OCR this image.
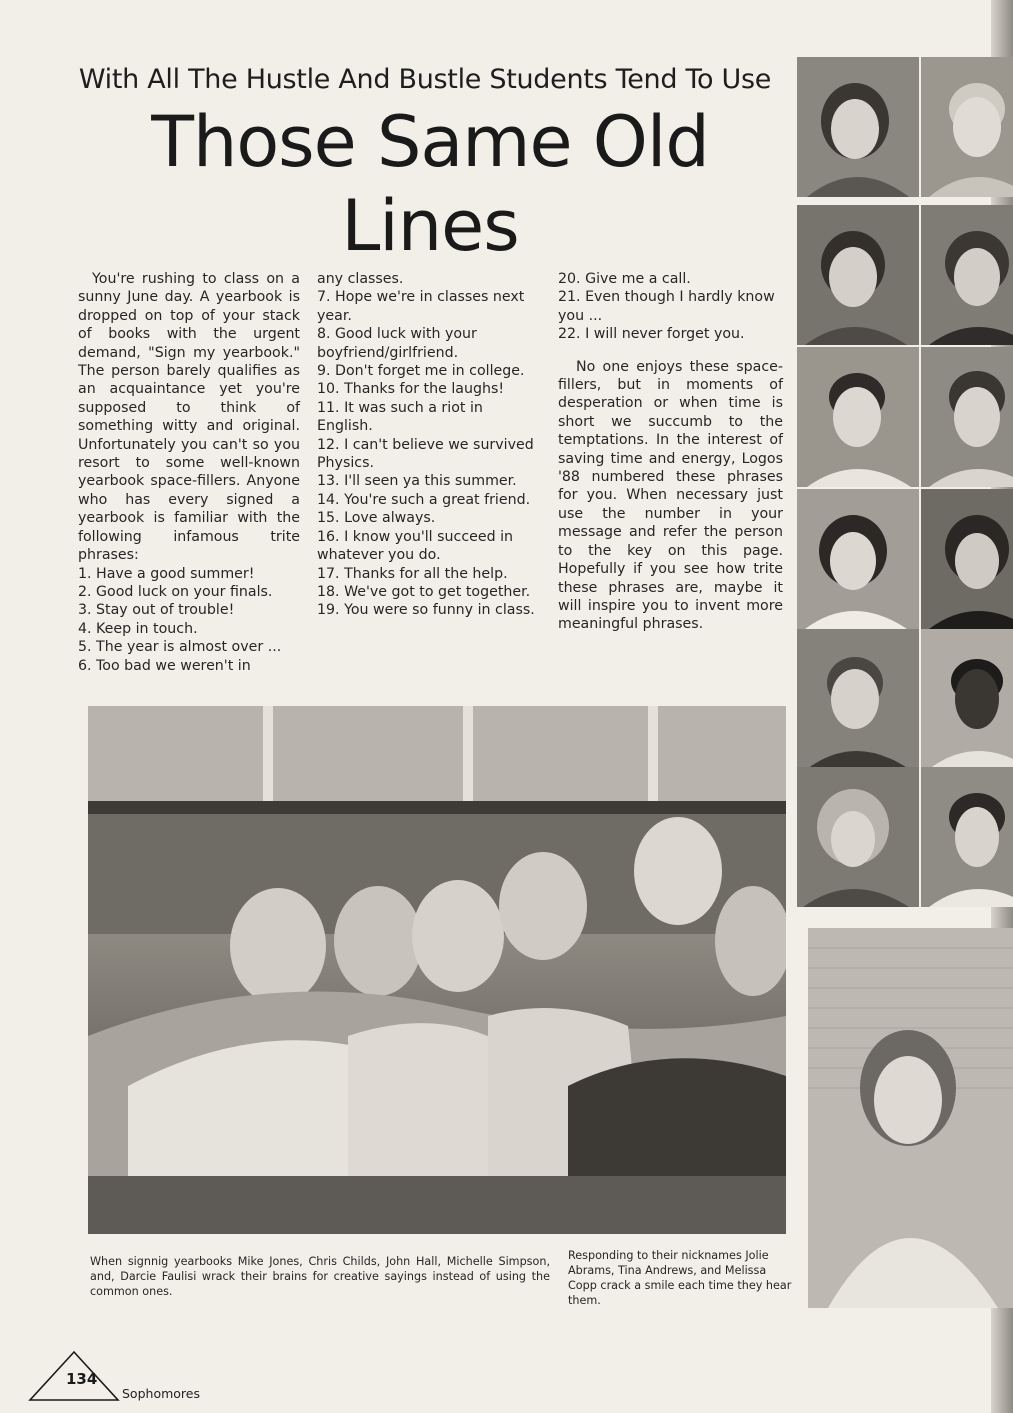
With All The Hustle And Bustle Students Tend To Use
Those Same Old Lines

You're rushing to class on a sunny June day. A yearbook is dropped on top of your stack of books with the urgent demand, "Sign my yearbook." The person barely qualifies as an acquaintance yet you're supposed to think of something witty and original. Unfortunately you can't so you resort to some well-known yearbook space-fillers. Anyone who has every signed a yearbook is familiar with the following infamous trite phrases:

1. Have a good summer!
2. Good luck on your finals.
3. Stay out of trouble!
4. Keep in touch.
5. The year is almost over ...
6. Too bad we weren't in
any classes.
7. Hope we're in classes next year.
8. Good luck with your boyfriend/girlfriend.
9. Don't forget me in college.
10. Thanks for the laughs!
11. It was such a riot in English.
12. I can't believe we survived Physics.
13. I'll seen ya this summer.
14. You're such a great friend.
15. Love always.
16. I know you'll succeed in whatever you do.
17. Thanks for all the help.
18. We've got to get together.
19. You were so funny in class.
20. Give me a call.
21. Even though I hardly know you ...
22. I will never forget you.

No one enjoys these space-fillers, but in moments of desperation or when time is short we succumb to the temptations. In the interest of saving time and energy, Logos '88 numbered these phrases for you. When necessary just use the number in your message and refer the person to the key on this page. Hopefully if you see how trite these phrases are, maybe it will inspire you to invent more meaningful phrases.

When signnig yearbooks Mike Jones, Chris Childs, John Hall, Michelle Simpson, and, Darcie Faulisi wrack their brains for creative sayings instead of using the common ones.
Responding to their nicknames Jolie Abrams, Tina Andrews, and Melissa Copp crack a smile each time they hear them.
134
Sophomores
